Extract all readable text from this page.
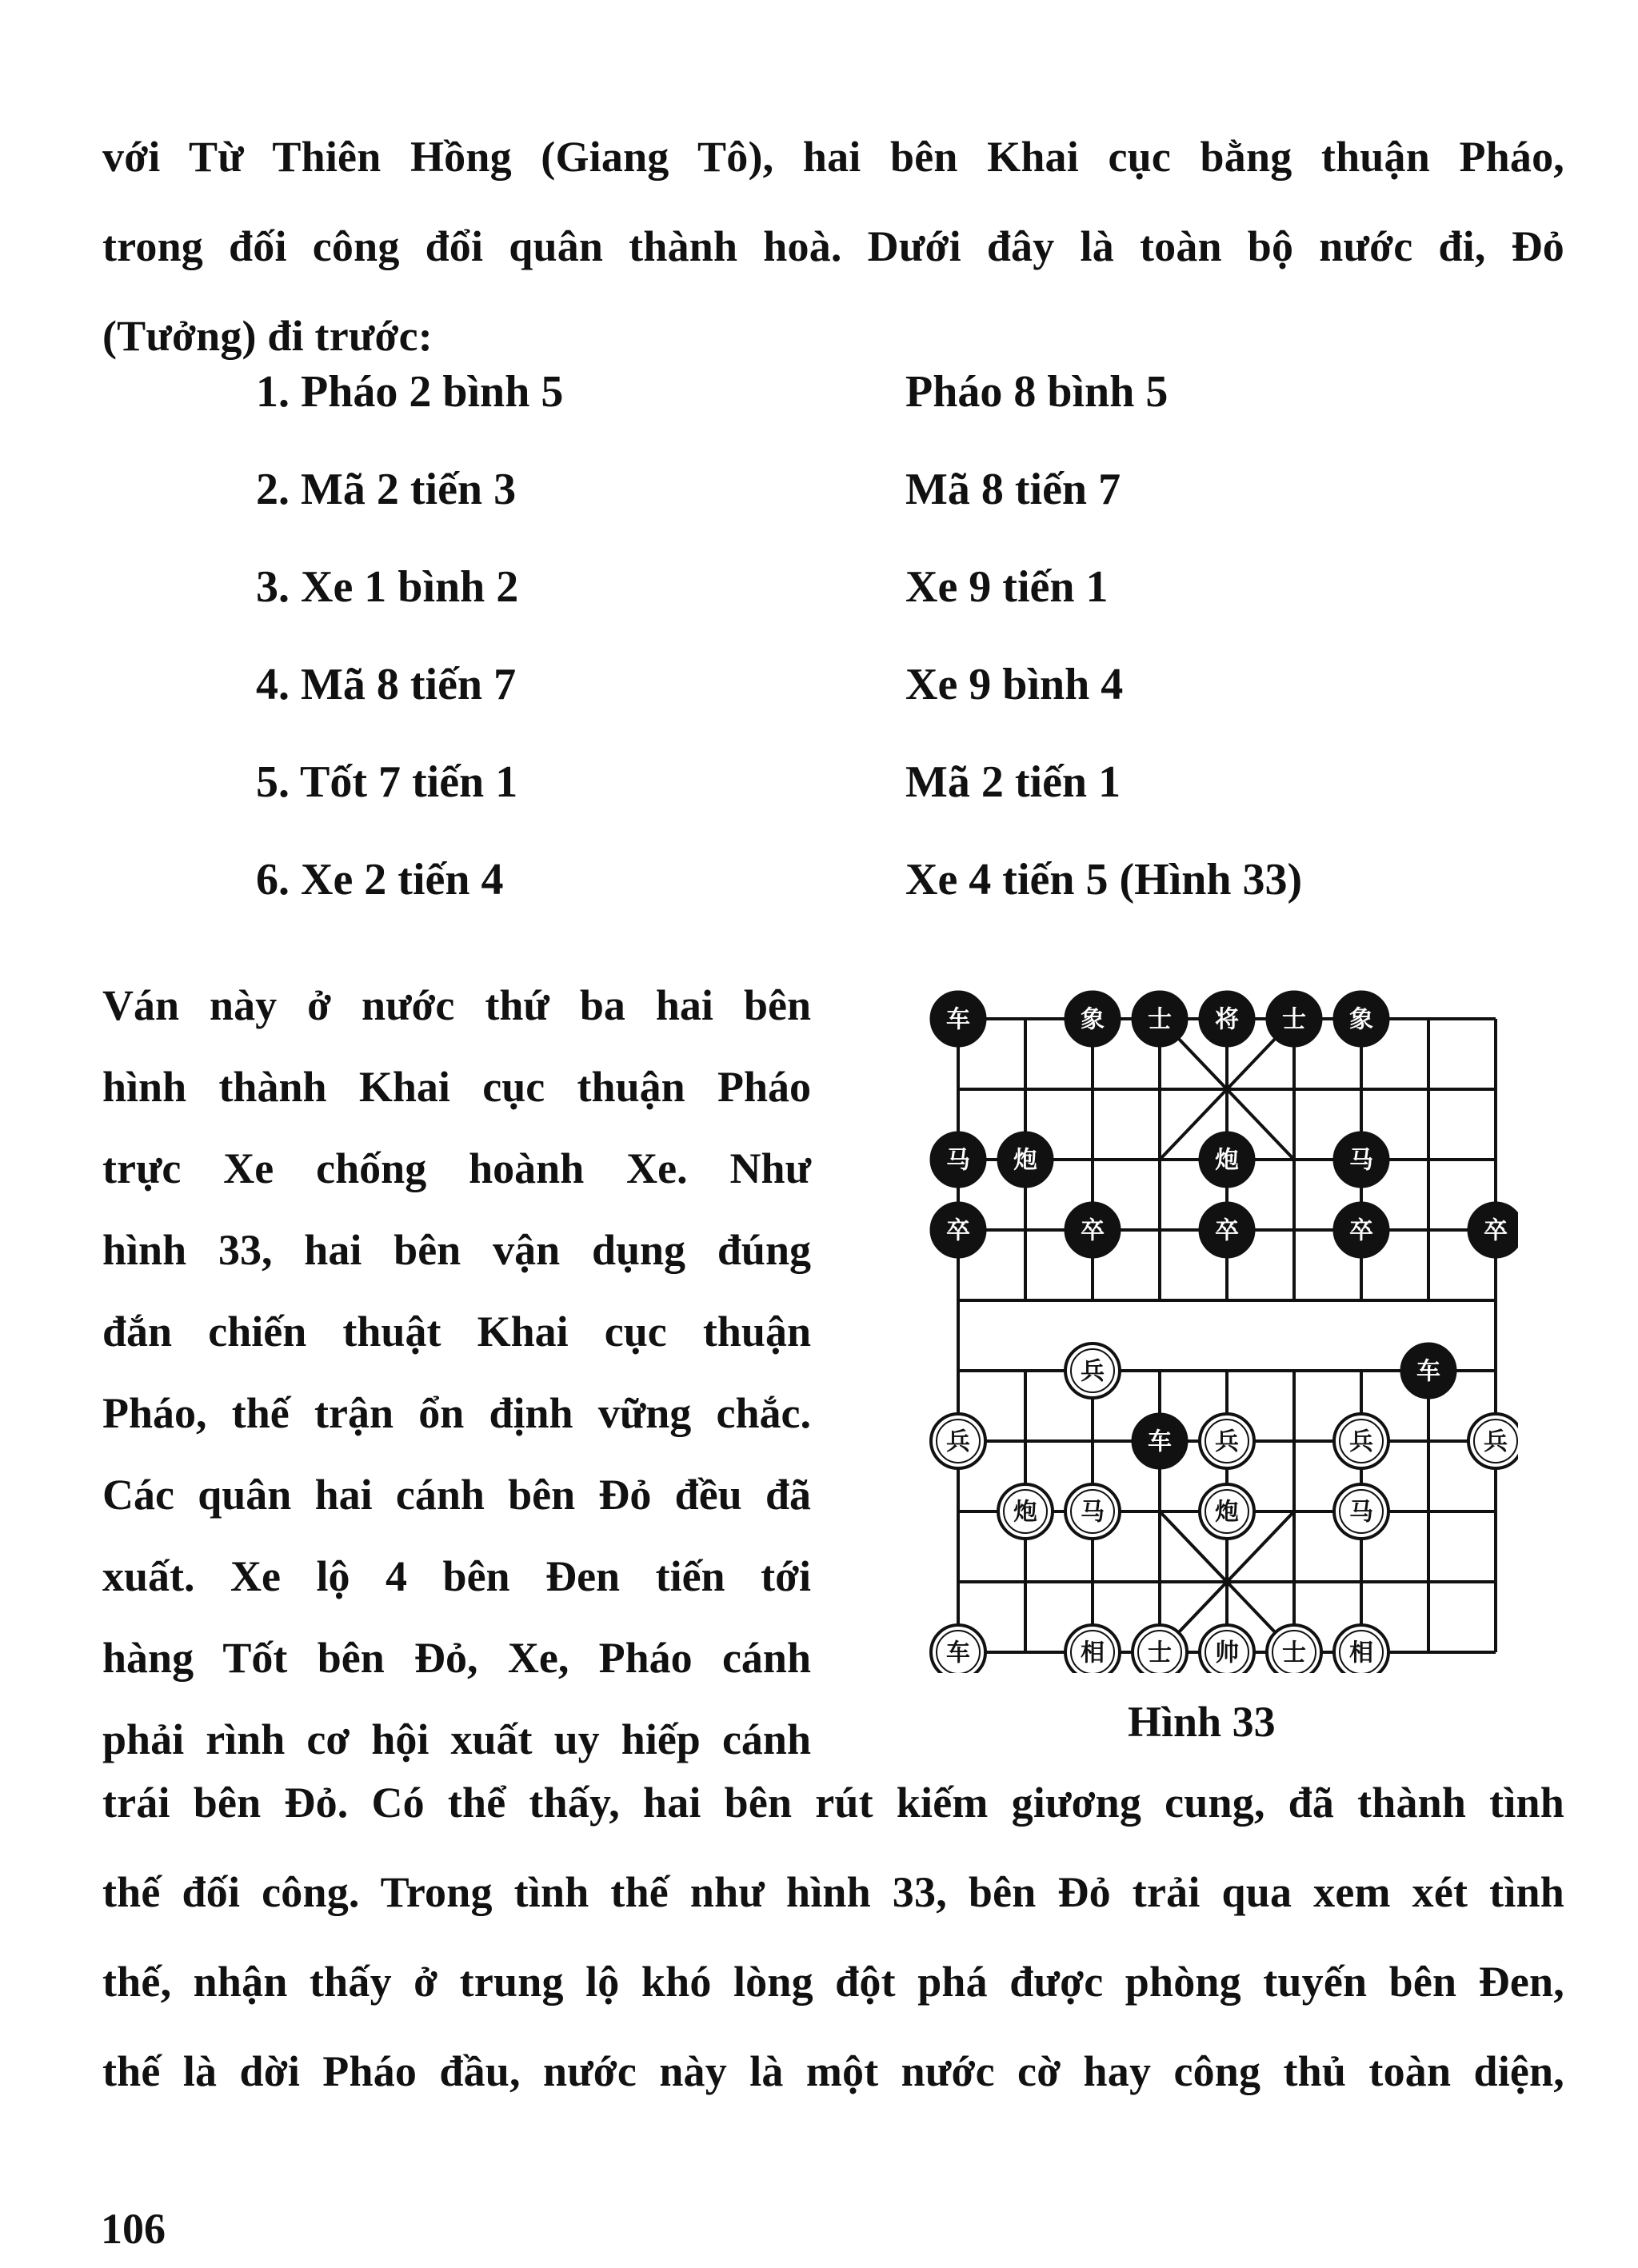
với Từ Thiên Hồng (Giang Tô), hai bên Khai cục bằng thuận Pháo,
trong đối công đổi quân thành hoà. Dưới đây là toàn bộ nước đi, Đỏ
(Tưởng) đi trước:
1. Pháo 2 bình 5	Pháo 8 bình 5
2. Mã 2 tiến 3	Mã 8 tiến 7
3. Xe 1 bình 2	Xe 9 tiến 1
4. Mã 8 tiến 7	Xe 9 bình 4
5. Tốt 7 tiến 1	Mã 2 tiến 1
6. Xe 2 tiến 4	Xe 4 tiến 5 (Hình 33)
Ván này ở nước thứ ba hai bên
hình thành Khai cục thuận Pháo
trực Xe chống hoành Xe. Như
hình 33, hai bên vận dụng đúng
đắn chiến thuật Khai cục thuận
Pháo, thế trận ổn định vững chắc.
Các quân hai cánh bên Đỏ đều đã
xuất. Xe lộ 4 bên Đen tiến tới
hàng Tốt bên Đỏ, Xe, Pháo cánh
phải rình cơ hội xuất uy hiếp cánh
车	象 士 将 士 象
马 炮	炮	马
卒	卒	卒	卒	卒
车
车
兵
兵	兵	兵	兵
炮 马	炮	马
车	相 士 帅 士 相
Hình 33
trái bên Đỏ. Có thể thấy, hai bên rút kiếm giương cung, đã thành tình
thế đối công. Trong tình thế như hình 33, bên Đỏ trải qua xem xét tình
thế, nhận thấy ở trung lộ khó lòng đột phá được phòng tuyến bên Đen,
thế là dời Pháo đầu, nước này là một nước cờ hay công thủ toàn diện,
106
